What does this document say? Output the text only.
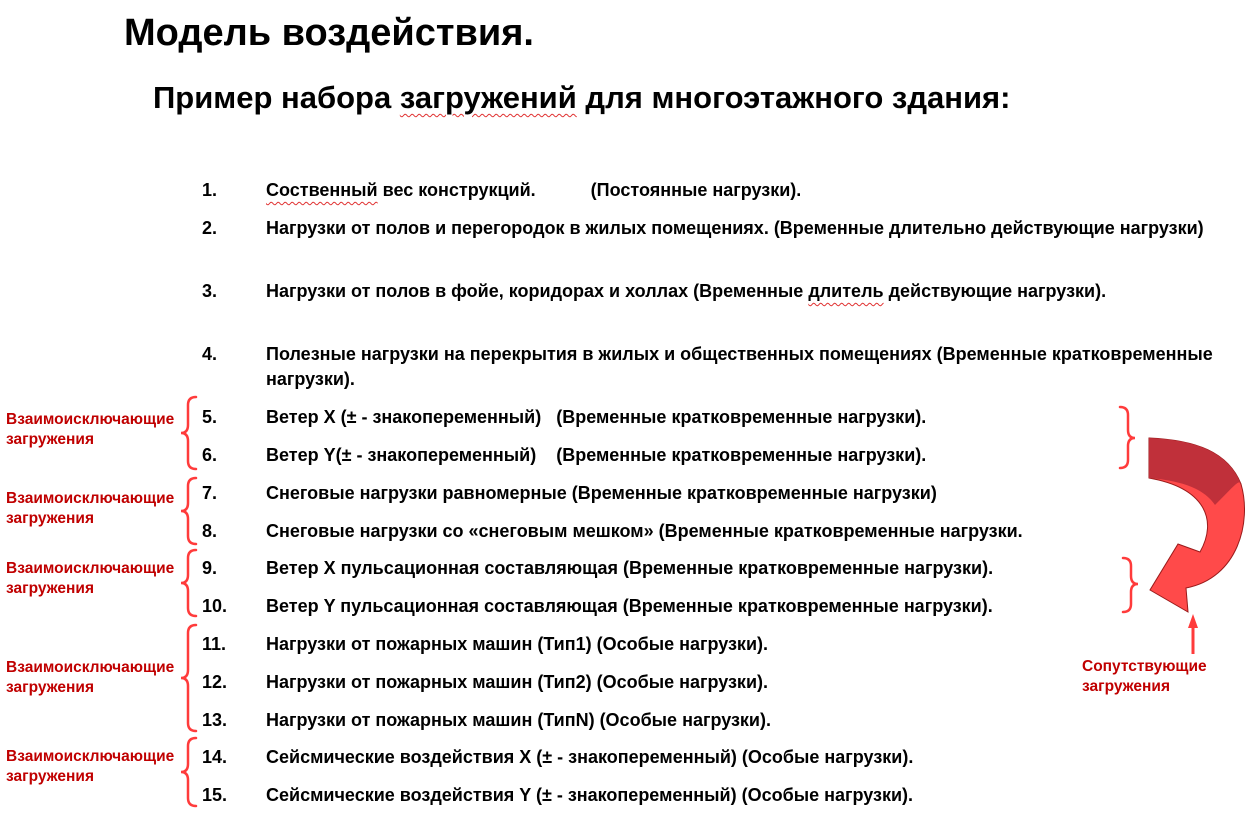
Модель воздействия.
Пример набора загружений для многоэтажного здания:
1.
2.
3.
4.
5.
6.
7.
8.
9.
10.
11.
12.
13.
14.
15.
Соственный вес конструкций.           (Постоянные нагрузки).
Нагрузки от полов и перегородок в жилых помещениях. (Временные длительно действующие нагрузки)
Нагрузки от полов в фойе, коридорах и холлах (Временные длитель действующие нагрузки).
Полезные нагрузки на перекрытия в жилых и общественных помещениях (Временные кратковременные нагрузки).
Ветер X (± - знакопеременный)   (Временные кратковременные нагрузки).
Ветер Y(± - знакопеременный)    (Временные кратковременные нагрузки).
Снеговые нагрузки равномерные (Временные кратковременные нагрузки)
Снеговые нагрузки со «снеговым мешком» (Временные кратковременные нагрузки.
Ветер X пульсационная составляющая (Временные кратковременные нагрузки).
Ветер Y пульсационная составляющая (Временные кратковременные нагрузки).
Нагрузки от пожарных машин (Тип1) (Особые нагрузки).
Нагрузки от пожарных машин (Тип2) (Особые нагрузки).
Нагрузки от пожарных машин (ТипN) (Особые нагрузки).
Сейсмические воздействия X (± - знакопеременный) (Особые нагрузки).
Сейсмические воздействия Y (± - знакопеременный) (Особые нагрузки).
Взаимоисключающие
загружения
Взаимоисключающие
загружения
Взаимоисключающие
загружения
Взаимоисключающие
загружения
Взаимоисключающие
загружения
Сопутствующие
загружения
